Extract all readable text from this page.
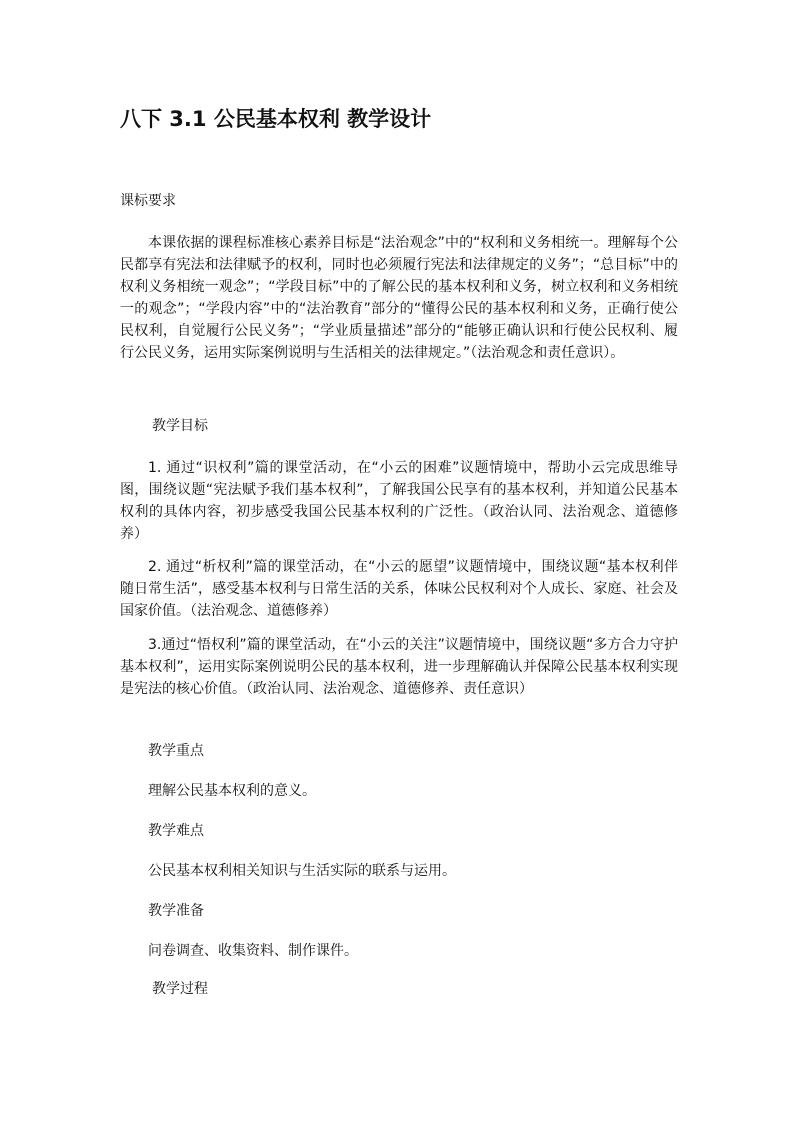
八下 3.1 公民基本权利 教学设计

课标要求

本课依据的课程标准核心素养目标是“法治观念”中的“权利和义务相统一。理解每个公民都享有宪法和法律赋予的权利，同时也必须履行宪法和法律规定的义务”；“总目标”中的权利义务相统一观念”；“学段目标”中的了解公民的基本权利和义务，树立权利和义务相统一的观念”；“学段内容”中的“法治教育”部分的“懂得公民的基本权利和义务，正确行使公民权利，自觉履行公民义务”；“学业质量描述”部分的“能够正确认识和行使公民权利、履行公民义务，运用实际案例说明与生活相关的法律规定。”（法治观念和责任意识）。

教学目标

1. 通过“识权利”篇的课堂活动，在“小云的困难”议题情境中，帮助小云完成思维导图，围绕议题“宪法赋予我们基本权利”，了解我国公民享有的基本权利，并知道公民基本权利的具体内容，初步感受我国公民基本权利的广泛性。（政治认同、法治观念、道德修养）

2. 通过“析权利”篇的课堂活动，在“小云的愿望”议题情境中，围绕议题“基本权利伴随日常生活”，感受基本权利与日常生活的关系，体味公民权利对个人成长、家庭、社会及国家价值。（法治观念、道德修养）

3.通过“悟权利”篇的课堂活动，在“小云的关注”议题情境中，围绕议题“多方合力守护基本权利”，运用实际案例说明公民的基本权利，进一步理解确认并保障公民基本权利实现是宪法的核心价值。（政治认同、法治观念、道德修养、责任意识）

教学重点

理解公民基本权利的意义。

教学难点

公民基本权利相关知识与生活实际的联系与运用。

教学准备

问卷调查、收集资料、制作课件。

教学过程
